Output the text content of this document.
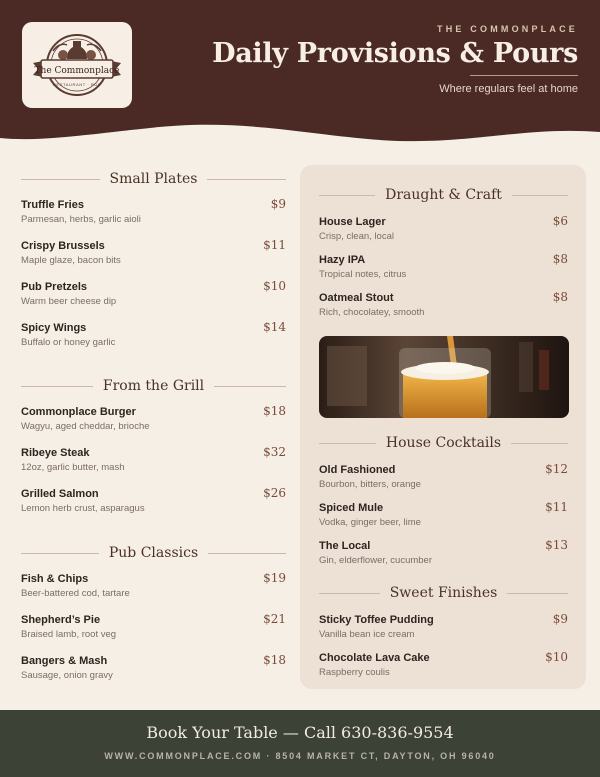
The Commonplace
RESTAURANT · PUB
THE COMMONPLACE
Daily Provisions & Pours
Where regulars feel at home
Small Plates
Truffle Fries
Parmesan, herbs, garlic aioli
$9
Crispy Brussels
Maple glaze, bacon bits
$11
Pub Pretzels
Warm beer cheese dip
$10
Spicy Wings
Buffalo or honey garlic
$14
From the Grill
Commonplace Burger
Wagyu, aged cheddar, brioche
$18
Ribeye Steak
12oz, garlic butter, mash
$32
Grilled Salmon
Lemon herb crust, asparagus
$26
Pub Classics
Fish & Chips
Beer-battered cod, tartare
$19
Shepherd’s Pie
Braised lamb, root veg
$21
Bangers & Mash
Sausage, onion gravy
$18
Draught & Craft
House Lager
Crisp, clean, local
$6
Hazy IPA
Tropical notes, citrus
$8
Oatmeal Stout
Rich, chocolatey, smooth
$8
House Cocktails
Old Fashioned
Bourbon, bitters, orange
$12
Spiced Mule
Vodka, ginger beer, lime
$11
The Local
Gin, elderflower, cucumber
$13
Sweet Finishes
Sticky Toffee Pudding
Vanilla bean ice cream
$9
Chocolate Lava Cake
Raspberry coulis
$10
Book Your Table — Call 630-836-9554
WWW.COMMONPLACE.COM · 8504 MARKET CT, DAYTON, OH 96040
